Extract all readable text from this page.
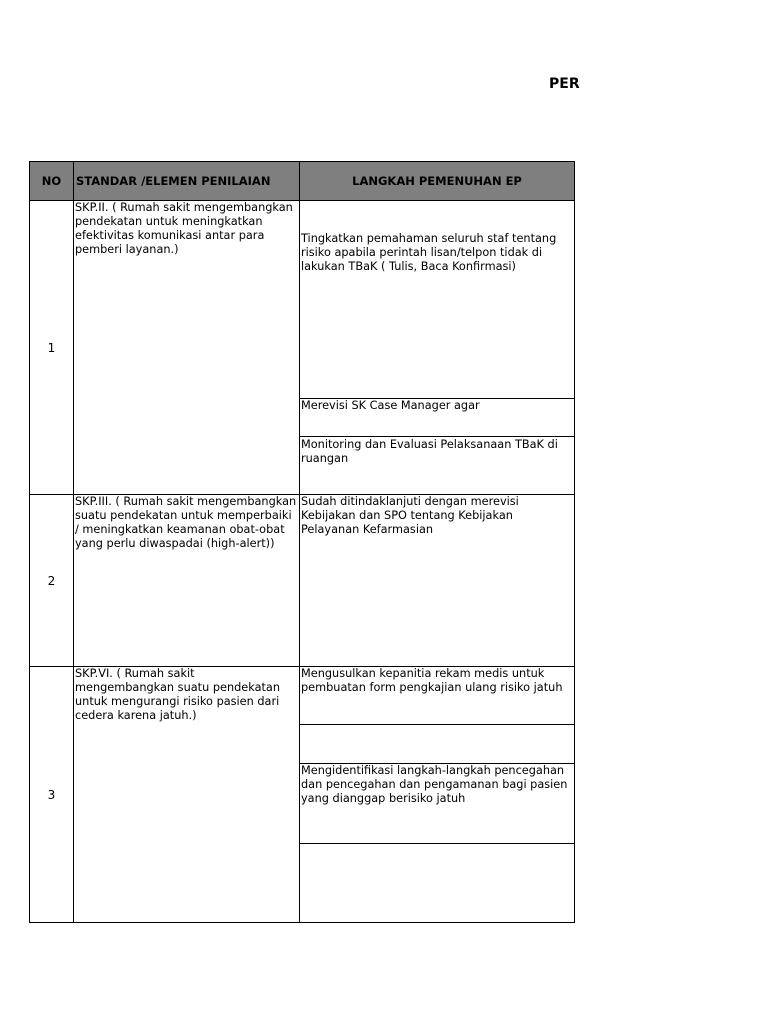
PER
NO STANDAR /ELEMEN PENILAIAN	LANGKAH PEMENUHAN EP
1
SKP.II. ( Rumah sakit mengembangkan pendekatan untuk meningkatkan efektivitas komunikasi antar para pemberi layanan.)
Tingkatkan pemahaman seluruh staf tentang risiko apabila perintah lisan/telpon tidak di lakukan TBaK ( Tulis, Baca Konfirmasi)
Merevisi SK Case Manager agar
Monitoring dan Evaluasi Pelaksanaan TBaK di ruangan
2
SKP.III. ( Rumah sakit mengembangkan suatu pendekatan untuk memperbaiki / meningkatkan keamanan obat-obat yang perlu diwaspadai (high-alert))
Sudah ditindaklanjuti dengan merevisi Kebijakan dan SPO tentang Kebijakan Pelayanan Kefarmasian
3
SKP.VI. ( Rumah sakit mengembangkan suatu pendekatan untuk mengurangi risiko pasien dari cedera karena jatuh.)
Mengusulkan kepanitia rekam medis untuk pembuatan form pengkajian ulang risiko jatuh
Mengidentifikasi langkah-langkah pencegahan dan pencegahan dan pengamanan bagi pasien yang dianggap berisiko jatuh
